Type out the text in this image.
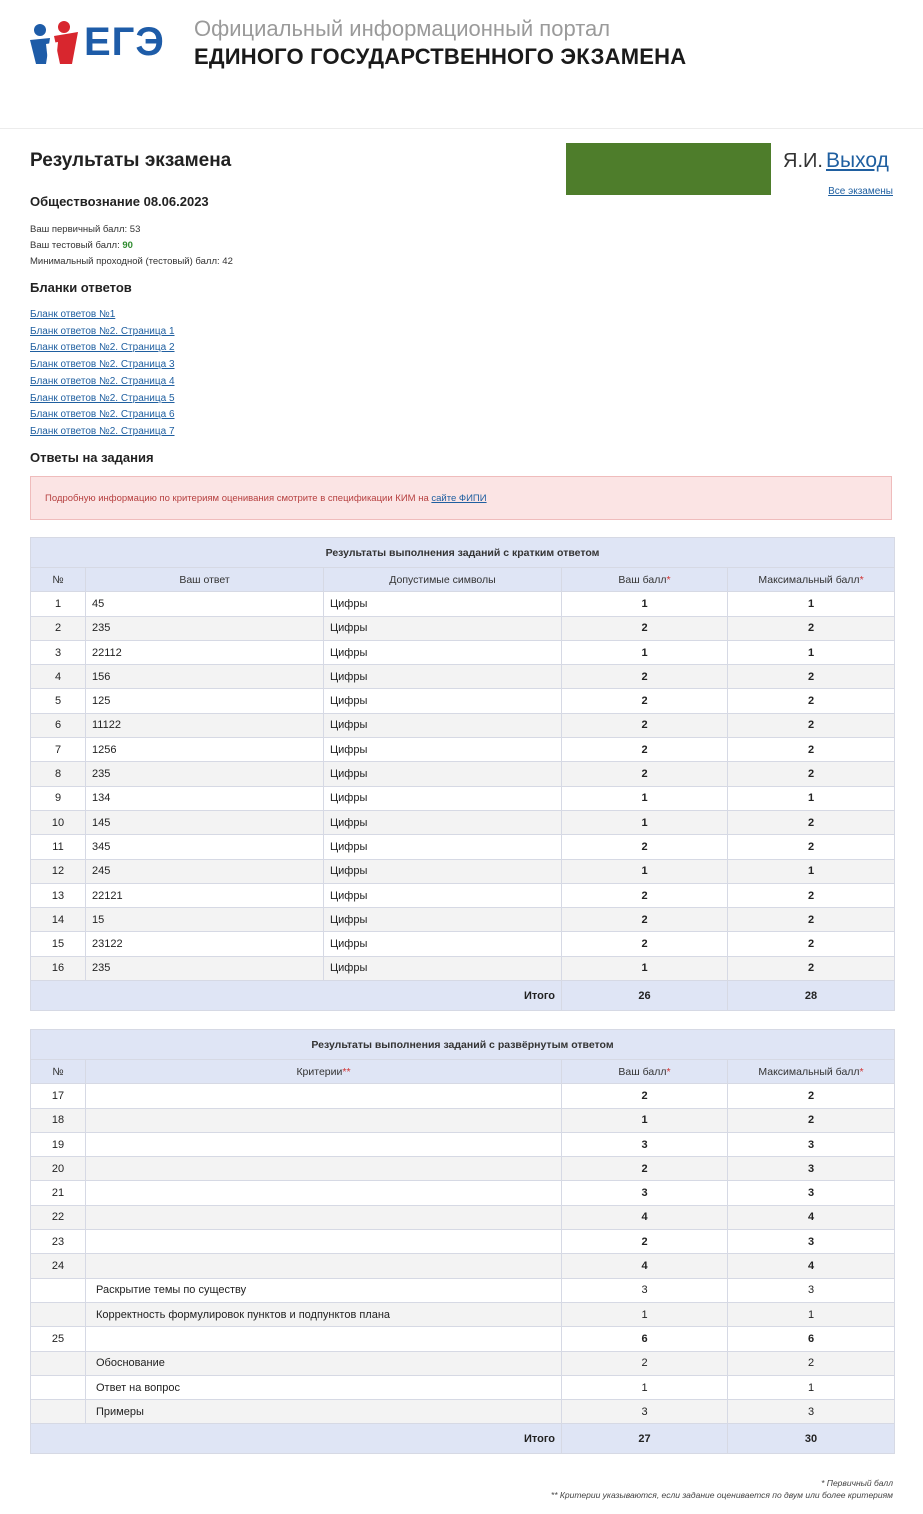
ЕГЭ Официальный информационный портал
ЕДИНОГО ГОСУДАРСТВЕННОГО ЭКЗАМЕНА
Результаты экзамена	Я.И. Выход
Все экзамены
Обществознание 08.06.2023
Ваш первичный балл: 53
Ваш тестовый балл: 90
Минимальный проходной (тестовый) балл: 42
Бланки ответов
Бланк ответов №1
Бланк ответов №2. Страница 1
Бланк ответов №2. Страница 2
Бланк ответов №2. Страница 3
Бланк ответов №2. Страница 4
Бланк ответов №2. Страница 5
Бланк ответов №2. Страница 6
Бланк ответов №2. Страница 7
Ответы на задания
Подробную информацию по критериям оценивания смотрите в спецификации КИМ на сайте ФИПИ
Результаты выполнения заданий с кратким ответом				
№	Ваш ответ	Допустимые символы	Ваш балл*	Максимальный балл*
1	45	Цифры	1	1
2	235	Цифры	2	2
3	22112	Цифры	1	1
4	156	Цифры	2	2
5	125	Цифры	2	2
6	11122	Цифры	2	2
7	1256	Цифры	2	2
8	235	Цифры	2	2
9	134	Цифры	1	1
10	145	Цифры	1	2
11	345	Цифры	2	2
12	245	Цифры	1	1
13	22121	Цифры	2	2
14	15	Цифры	2	2
15	23122	Цифры	2	2
16	235	Цифры	1	2
Итого			26	28
Результаты выполнения заданий с развёрнутым ответом			
№	Критерии**	Ваш балл*	Максимальный балл*
17		2	2
18		1	2
19		3	3
20		2	3
21		3	3
22		4	4
23		2	3
24		4	4
	Раскрытие темы по существу	3	3
	Корректность формулировок пунктов и подпунктов плана	1	1
25		6	6
	Обоснование	2	2
	Ответ на вопрос	1	1
	Примеры	3	3
Итого		27	30
* Первичный балл
** Критерии указываются, если задание оценивается по двум или более критериям
